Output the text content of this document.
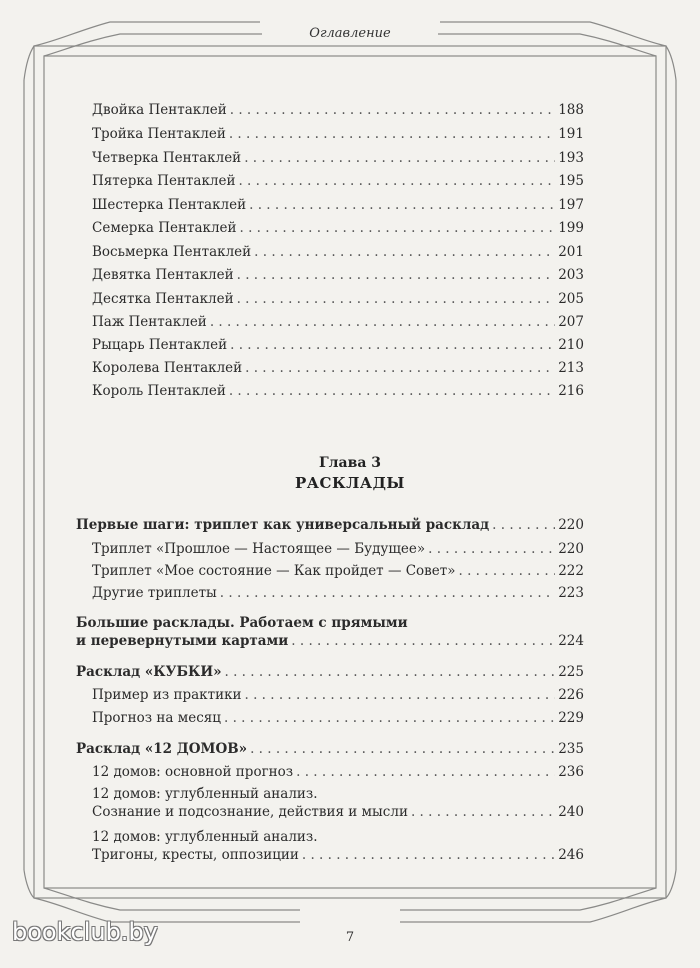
Оглавление
Двойка Пентаклей . . .	188
Тройка Пентаклей . . .	191
Четверка Пентаклей . . .	193
Пятерка Пентаклей . . .	195
Шестерка Пентаклей . . .	197
Семерка Пентаклей . . .	199
Восьмерка Пентаклей . . .	201
Девятка Пентаклей . . .	203
Десятка Пентаклей . . .	205
Паж Пентаклей . . .	207
Рыцарь Пентаклей . . .	210
Королева Пентаклей . . .	213
Король Пентаклей . . .	216
Глава 3
РАСКЛАДЫ
Первые шаги: триплет как универсальный расклад . . .	220
Триплет «Прошлое — Настоящее — Будущее» . . .	220
Триплет «Мое состояние — Как пройдет — Совет» . . .	222
Другие триплеты . . .	223
Большие расклады. Работаем с прямыми
и перевернутыми картами . . .	224
Расклад «КУБКИ» . . .	225
Пример из практики . . .	226
Прогноз на месяц . . .	229
Расклад «12 ДОМОВ» . . .	235
12 домов: основной прогноз . . .	236
12 домов: углубленный анализ.
Сознание и подсознание, действия и мысли . . .	240
12 домов: углубленный анализ.
Тригоны, кресты, оппозиции . . .	246
7
bookclub.by
